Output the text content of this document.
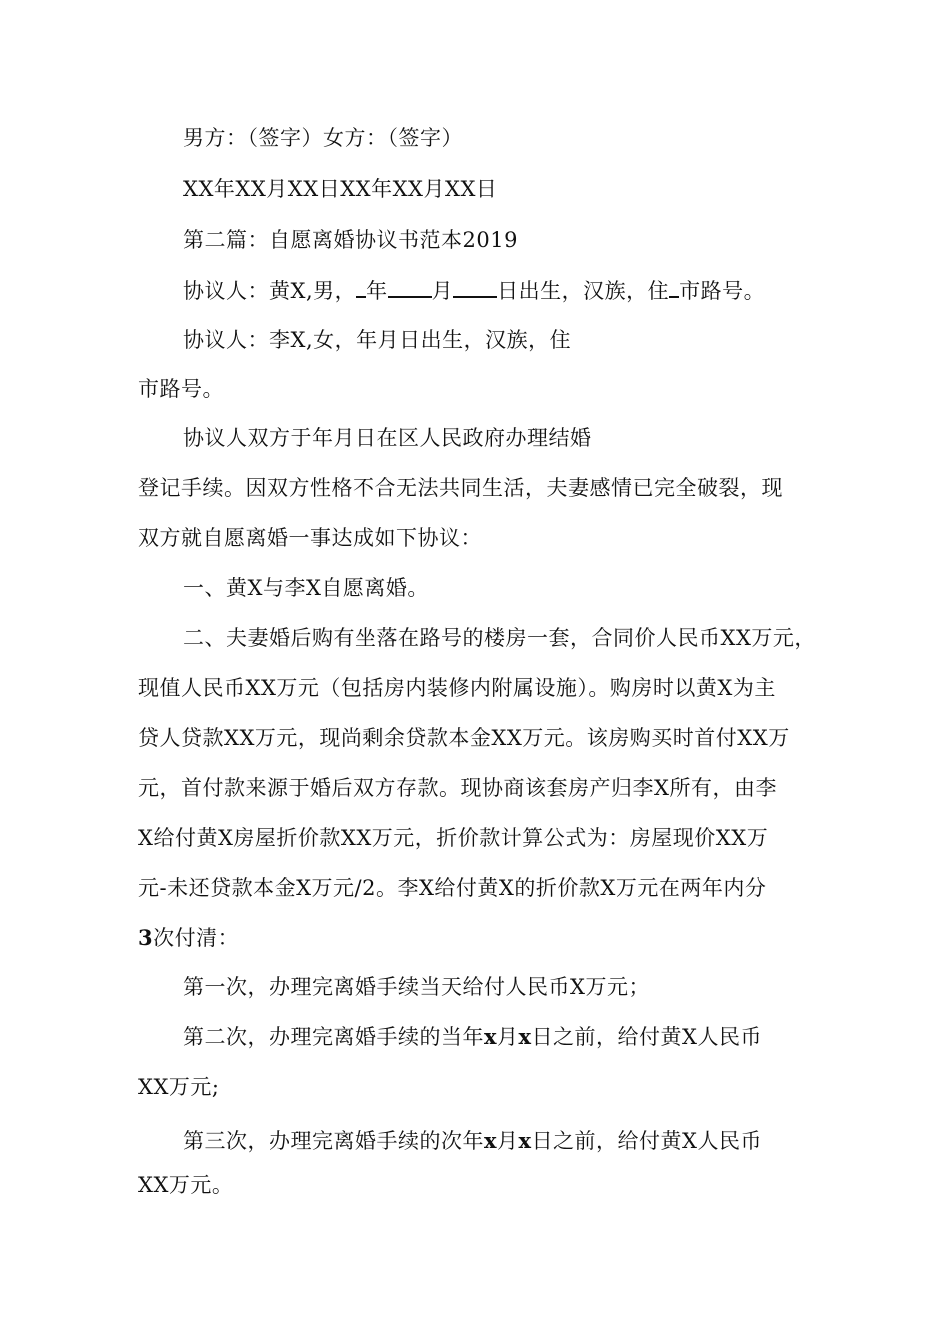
男方：（签字）女方：（签字）
XX年XX月XX日XX年XX月XX日
第二篇：自愿离婚协议书范本2019
协议人：黄X,男， 年 月 日出生，汉族，住 市路号。
协议人：李X,女，年月日出生，汉族，住
市路号。
协议人双方于年月日在区人民政府办理结婚
登记手续。因双方性格不合无法共同生活，夫妻感情已完全破裂，现
双方就自愿离婚一事达成如下协议：
一、黄X与李X自愿离婚。
二、夫妻婚后购有坐落在路号的楼房一套，合同价人民币XX万元，
现值人民币XX万元（包括房内装修内附属设施）。购房时以黄X为主
贷人贷款XX万元，现尚剩余贷款本金XX万元。该房购买时首付XX万
元，首付款来源于婚后双方存款。现协商该套房产归李X所有，由李
X给付黄X房屋折价款XX万元，折价款计算公式为：房屋现价XX万
元-未还贷款本金X万元/2。李X给付黄X的折价款X万元在两年内分
3次付清：
第一次，办理完离婚手续当天给付人民币X万元；
第二次，办理完离婚手续的当年x月x日之前，给付黄X人民币
XX万元;
第三次，办理完离婚手续的次年x月x日之前，给付黄X人民币
XX万元。
